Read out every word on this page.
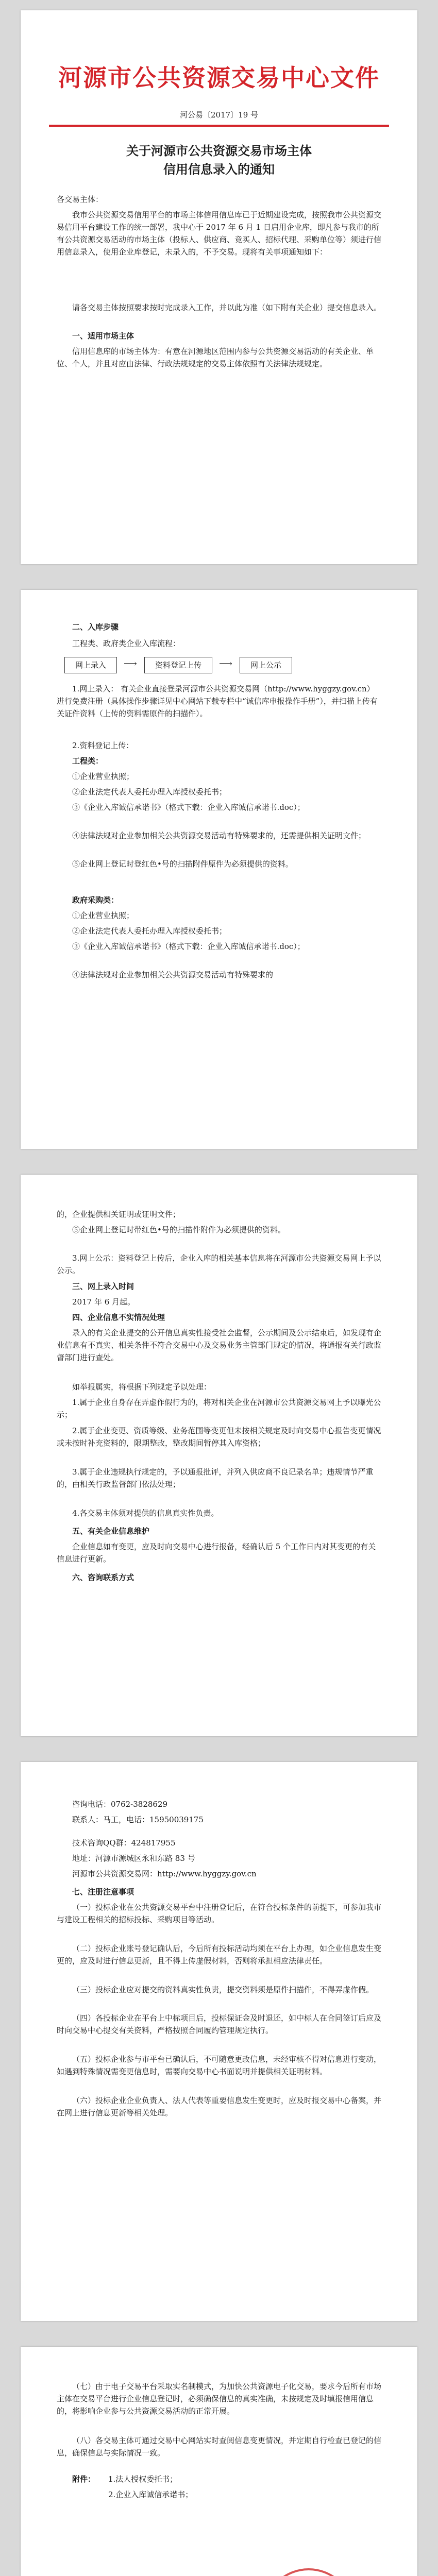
河源市公共资源交易中心文件
河公易〔2017〕19 号
关于河源市公共资源交易市场主体
信用信息录入的通知

各交易主体：

我市公共资源交易信用平台的市场主体信用信息库已于近期建设完成，按照我市公共资源交易信用平台建设工作的统一部署，我中心于 2017 年 6 月 1 日启用企业库，即凡参与我市的所有公共资源交易活动的市场主体（投标人、供应商、竞买人、招标代理、采购单位等）须进行信用信息录入，使用企业库登记，未录入的，不予交易。现将有关事项通知如下：

请各交易主体按照要求按时完成录入工作，并以此为准（如下附有关企业）提交信息录入。

一、适用市场主体

信用信息库的市场主体为：有意在河源地区范围内参与公共资源交易活动的有关企业、单位、个人，并且对应由法律、行政法规规定的交易主体依照有关法律法规规定。

二、入库步骤

工程类、政府类企业入库流程：

网上录入	⟶	资料登记上传	⟶	网上公示

1.网上录入： 有关企业直接登录河源市公共资源交易网（http://www.hyggzy.gov.cn）进行免费注册（具体操作步骤详见中心网站下载专栏中“诚信库申报操作手册”），并扫描上传有关证件资料（上传的资料需原件的扫描件）。

2.资料登记上传：

工程类：

①企业营业执照；

②企业法定代表人委托办理入库授权委托书；

③《企业入库诚信承诺书》（格式下载：企业入库诚信承诺书.doc）；

④法律法规对企业参加相关公共资源交易活动有特殊要求的，还需提供相关证明文件；

⑤企业网上登记时登红色•号的扫描附件原件为必须提供的资料。

政府采购类：

①企业营业执照；

②企业法定代表人委托办理入库授权委托书；

③《企业入库诚信承诺书》（格式下载：企业入库诚信承诺书.doc）；

④法律法规对企业参加相关公共资源交易活动有特殊要求的

的，企业提供相关证明或证明文件；

⑤企业网上登记时带红色•号的扫描件附件为必须提供的资料。

3.网上公示：资料登记上传后，企业入库的相关基本信息将在河源市公共资源交易网上予以公示。

三、网上录入时间

2017 年 6 月起。

四、企业信息不实情况处理

录入的有关企业提交的公开信息真实性接受社会监督，公示期间及公示结束后，如发现有企业信息有不真实、相关条件不符合交易中心及交易业务主管部门规定的情况，将通报有关行政监督部门进行查处。

如举报属实，将根据下列规定予以处理：

1.属于企业自身存在弄虚作假行为的，将对相关企业在河源市公共资源交易网上予以曝光公示；

2.属于企业变更、资质等级、业务范围等变更但未按相关规定及时向交易中心报告变更情况或未按时补充资料的，限期整改，整改期间暂停其入库资格；

3.属于企业违规执行规定的，予以通报批评，并列入供应商不良记录名单；违规情节严重的，由相关行政监督部门依法处理；

4.各交易主体须对提供的信息真实性负责。

五、有关企业信息维护

企业信息如有变更，应及时向交易中心进行报备，经确认后 5 个工作日内对其变更的有关信息进行更新。

六、咨询联系方式

咨询电话：0762-3828629

联系人：马工，电话：15950039175

技术咨询QQ群：424817955

地址：河源市源城区永和东路 83 号

河源市公共资源交易网：http://www.hyggzy.gov.cn

七、注册注意事项

（一）投标企业在公共资源交易平台中注册登记后，在符合投标条件的前提下，可参加我市与建设工程相关的招标投标、采购项目等活动。

（二）投标企业账号登记确认后，今后所有投标活动均须在平台上办理，如企业信息发生变更的，应及时进行信息更新，且不得上传虚假材料，否则将承担相应法律责任。

（三）投标企业应对提交的资料真实性负责，提交资料须是原件扫描件，不得弄虚作假。

（四）各投标企业在平台上中标项目后，投标保证金及时退还，如中标人在合同签订后应及时向交易中心提交有关资料，严格按照合同履约管理规定执行。

（五）投标企业参与市平台已确认后，不可随意更改信息，未经审核不得对信息进行变动，如遇到特殊情况需变更信息时，需要向交易中心书面说明并提供相关证明材料。

（六）投标企业企业负责人、法人代表等重要信息发生变更时，应及时报交易中心备案，并在网上进行信息更新等相关处理。

（七）由于电子交易平台采取实名制模式，为加快公共资源电子化交易，要求今后所有市场主体在交易平台进行企业信息登记时，必须确保信息的真实准确，未按规定及时填报信用信息的，将影响企业参与公共资源交易活动的正常开展。

（八）各交易主体可通过交易中心网站实时查阅信息变更情况，并定期自行检查已登记的信息，确保信息与实际情况一致。

附件：	1.法人授权委托书；

2.企业入库诚信承诺书；
